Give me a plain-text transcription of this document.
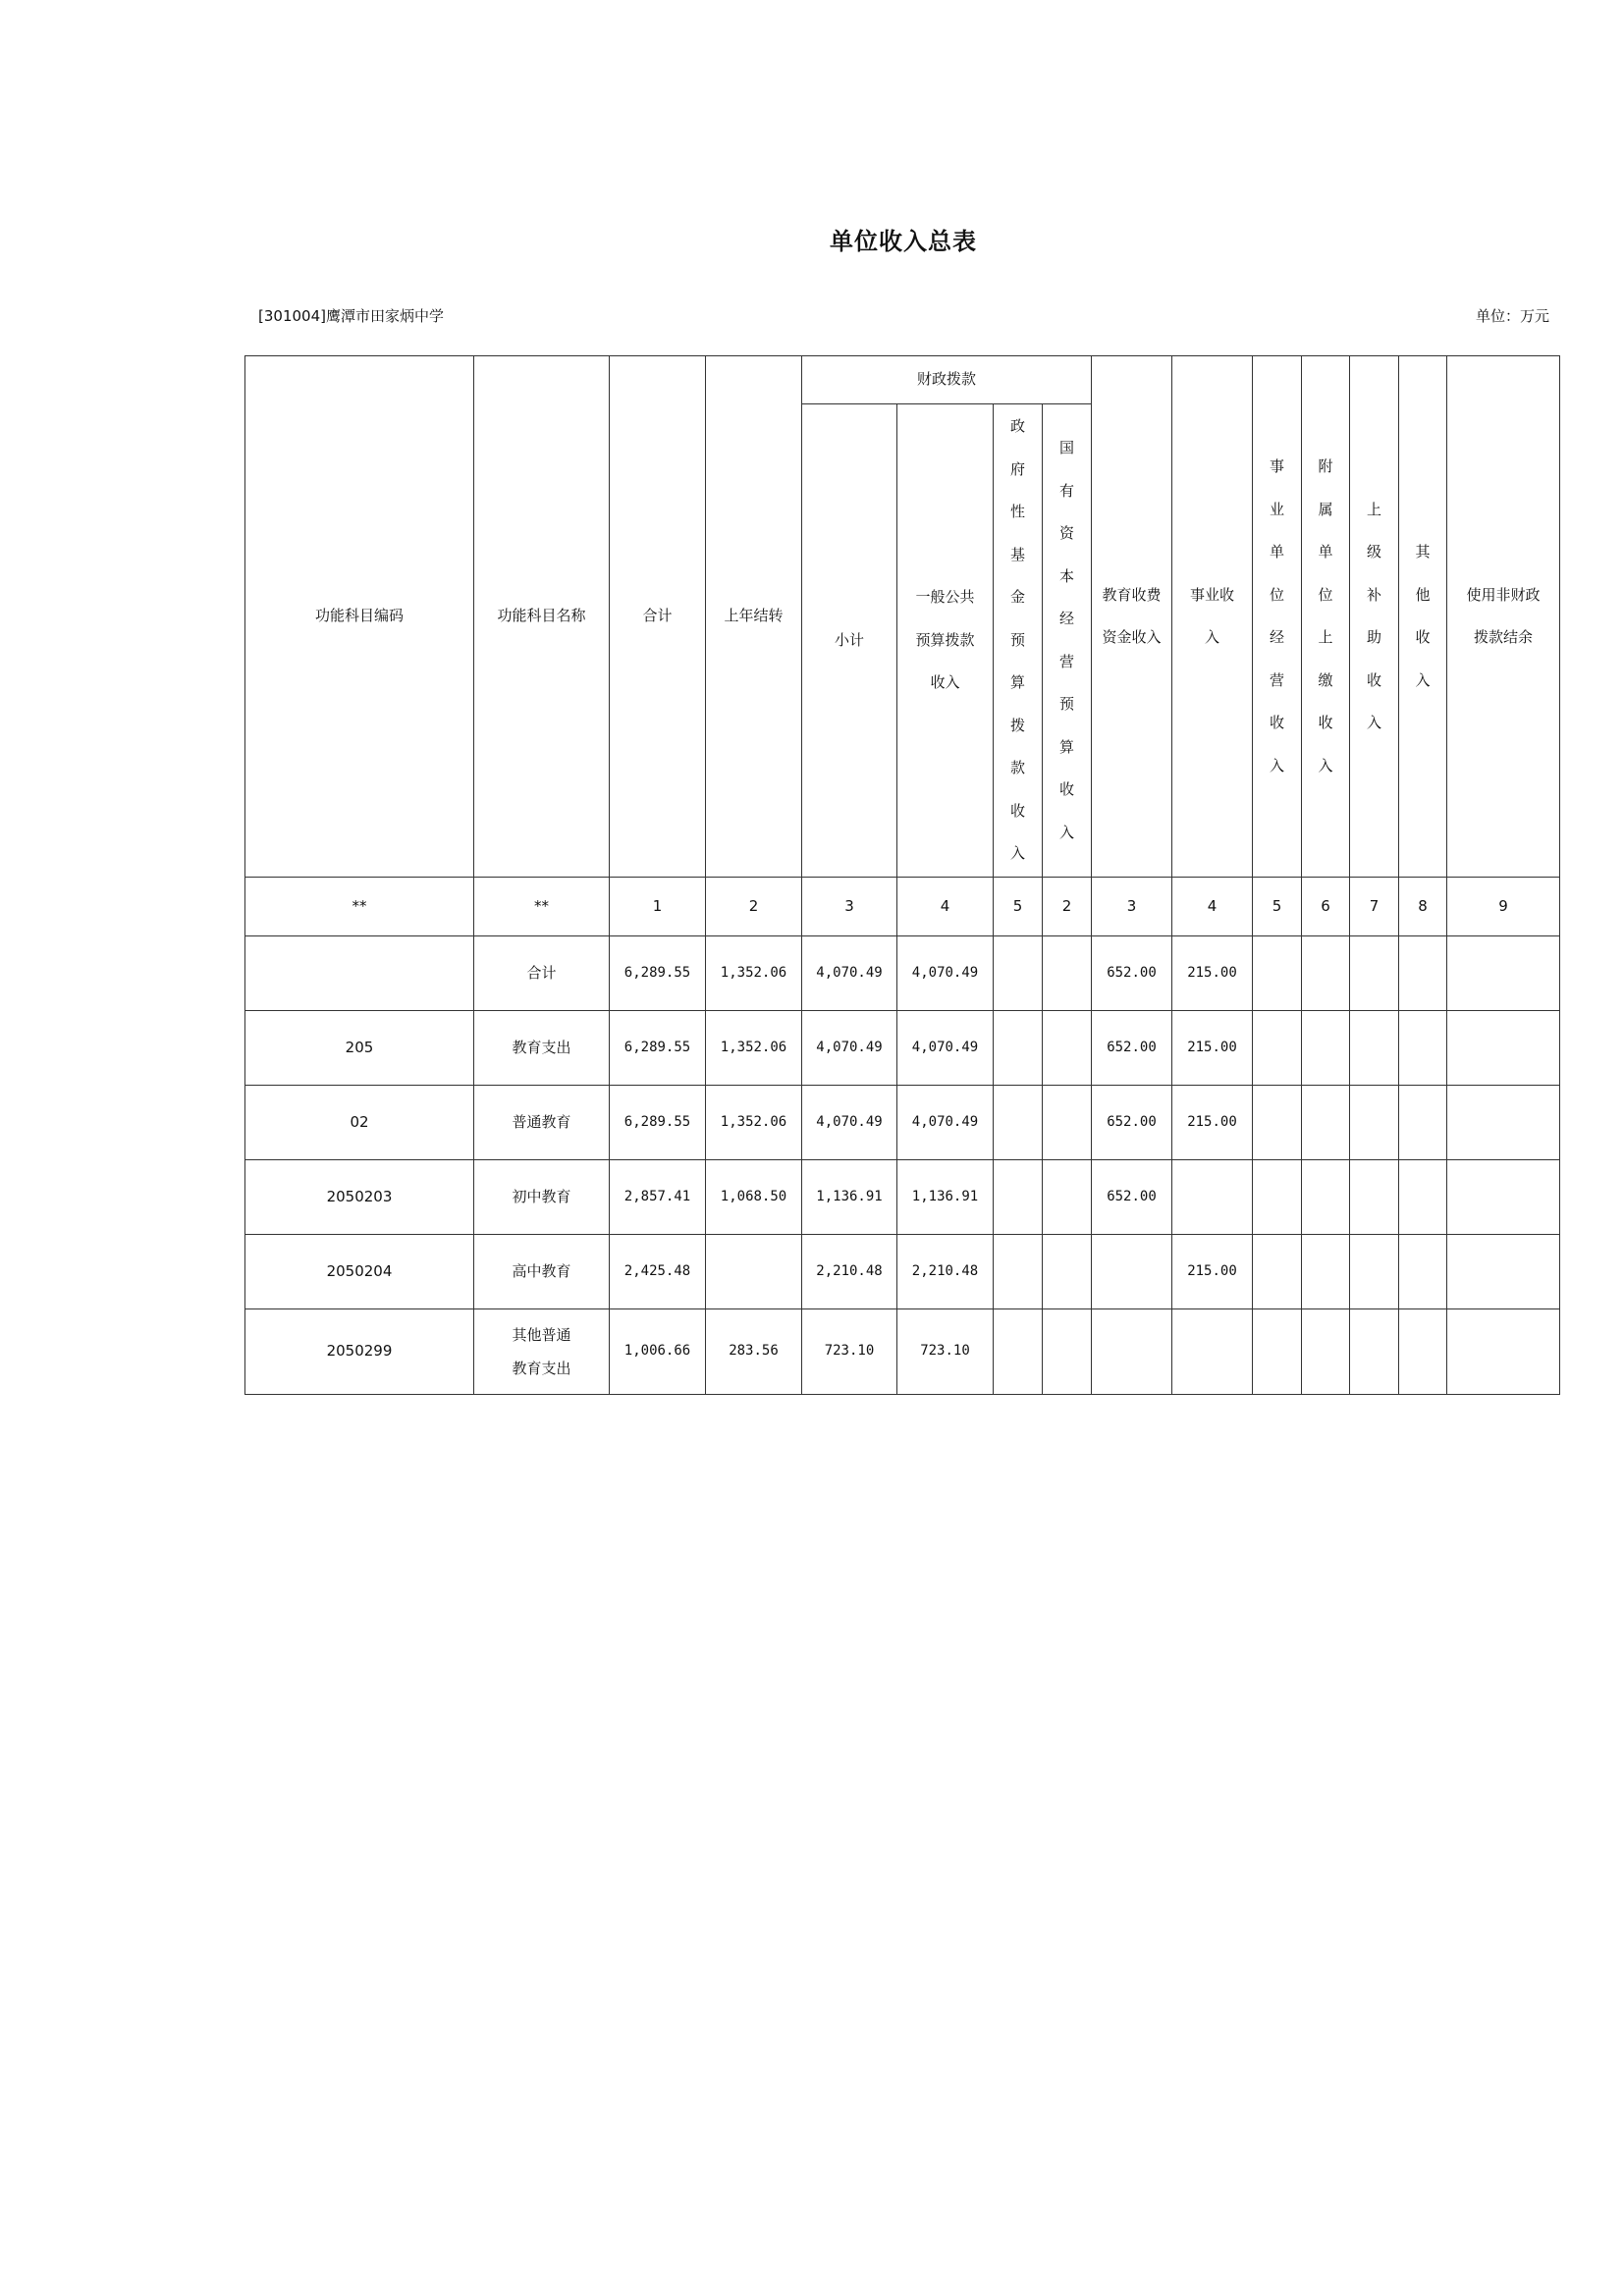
单位收入总表
[301004]鹰潭市田家炳中学	单位：万元
功能科目编码	功能科目名称	合计	上年结转	财政拨款				教育收费资金收入	事业收入	事业单位经营收入	附属单位上缴收入	上级补助收入	其他收入	使用非财政拨款结余
				小计	一般公共预算拨款收入	政府性基金预算拨款收入	国有资本经营预算收入							
**	**	1	2	3	4	5	2	3	4	5	6	7	8	9
	合计	6,289.55	1,352.06	4,070.49	4,070.49			652.00	215.00					
205	教育支出	6,289.55	1,352.06	4,070.49	4,070.49			652.00	215.00					
02	普通教育	6,289.55	1,352.06	4,070.49	4,070.49			652.00	215.00					
2050203	初中教育	2,857.41	1,068.50	1,136.91	1,136.91			652.00						
2050204	高中教育	2,425.48		2,210.48	2,210.48				215.00					
2050299	其他普通教育支出	1,006.66	283.56	723.10	723.10									
